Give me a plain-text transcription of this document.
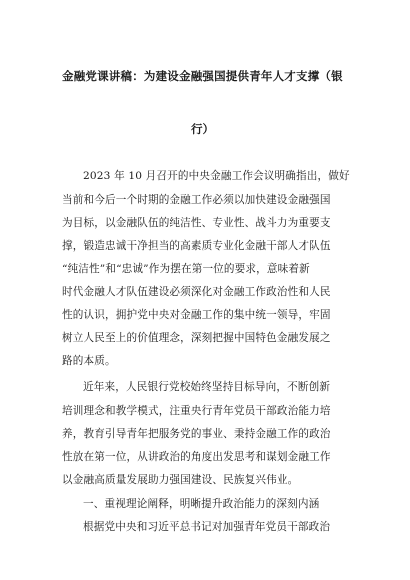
金融党课讲稿：为建设金融强国提供青年人才支撑（银
行）
2023 年 10 月召开的中央金融工作会议明确指出，做好
当前和今后一个时期的金融工作必须以加快建设金融强国
为目标，以金融队伍的纯洁性、专业性、战斗力为重要支
撑，锻造忠诚干净担当的高素质专业化金融干部人才队伍
“纯洁性”和“忠诚”作为摆在第一位的要求，意味着新
时代金融人才队伍建设必须深化对金融工作政治性和人民
性的认识，拥护党中央对金融工作的集中统一领导，牢固
树立人民至上的价值理念，深刻把握中国特色金融发展之
路的本质。
近年来，人民银行党校始终坚持目标导向，不断创新
培训理念和教学模式，注重央行青年党员干部政治能力培
养，教育引导青年把服务党的事业、秉持金融工作的政治
性放在第一位，从讲政治的角度出发思考和谋划金融工作
以金融高质量发展助力强国建设、民族复兴伟业。
一、重视理论阐释，明晰提升政治能力的深刻内涵
根据党中央和习近平总书记对加强青年党员干部政治
